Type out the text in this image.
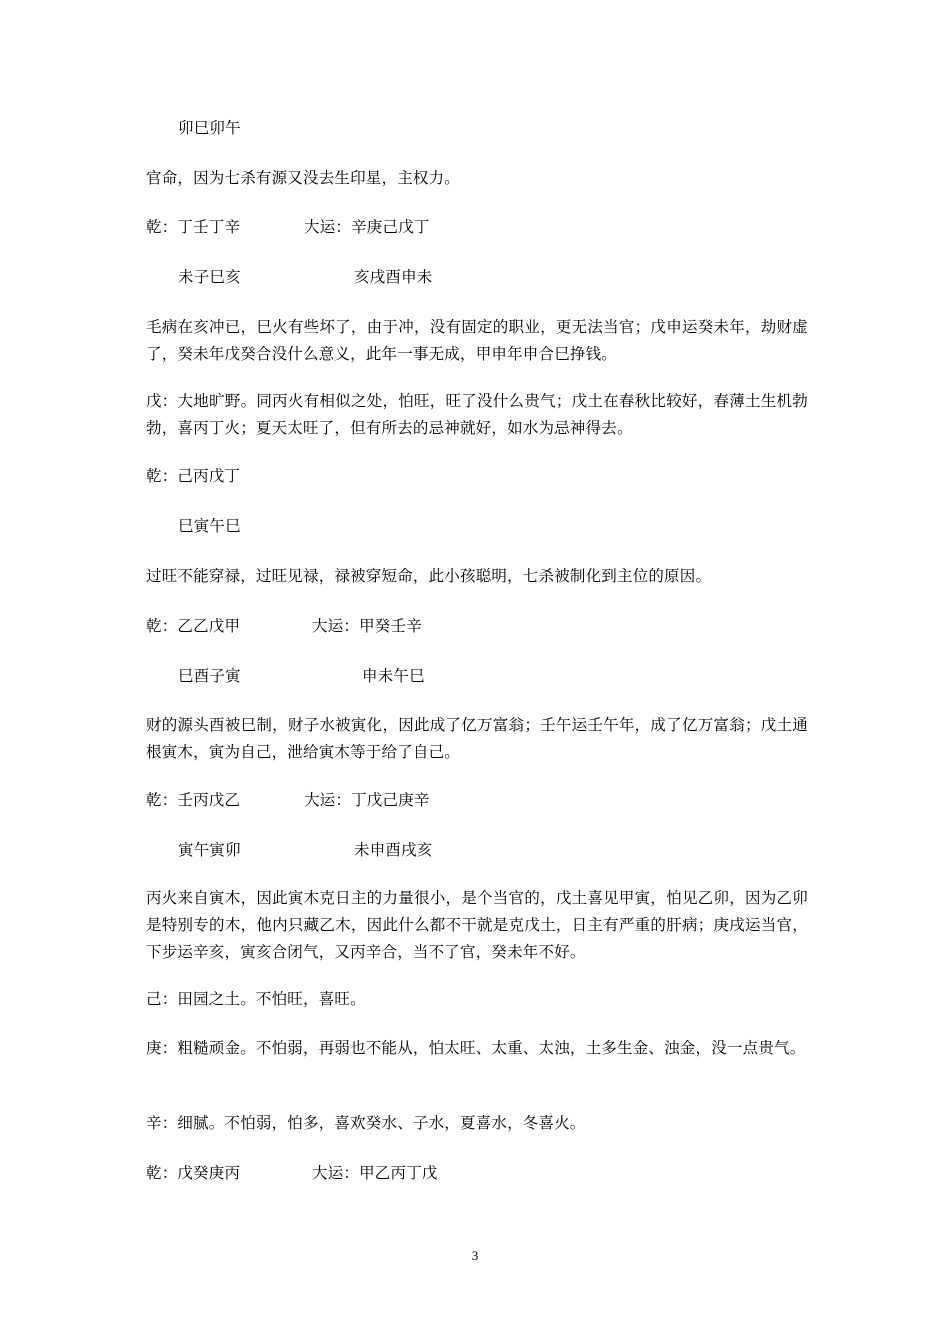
卯巳卯午
官命，因为七杀有源又没去生印星，主权力。
乾：丁壬丁辛	大运：辛庚己戊丁
未子巳亥	亥戌酉申未
毛病在亥冲已，巳火有些坏了，由于冲，没有固定的职业，更无法当官；戊申运癸未年，劫财虚了，癸未年戊癸合没什么意义，此年一事无成，甲申年申合巳挣钱。
戊：大地旷野。同丙火有相似之处，怕旺，旺了没什么贵气；戊土在春秋比较好，春薄土生机勃勃，喜丙丁火；夏天太旺了，但有所去的忌神就好，如水为忌神得去。
乾：己丙戊丁
巳寅午巳
过旺不能穿禄，过旺见禄，禄被穿短命，此小孩聪明，七杀被制化到主位的原因。
乾：乙乙戊甲	大运：甲癸壬辛
巳酉子寅	申未午巳
财的源头酉被巳制，财子水被寅化，因此成了亿万富翁；壬午运壬午年，成了亿万富翁；戊土通根寅木，寅为自己，泄给寅木等于给了自己。
乾：壬丙戊乙	大运：丁戊己庚辛
寅午寅卯	未申酉戌亥
丙火来自寅木，因此寅木克日主的力量很小，是个当官的，戊土喜见甲寅，怕见乙卯，因为乙卯是特别专的木，他内只藏乙木，因此什么都不干就是克戊土，日主有严重的肝病；庚戌运当官，下步运辛亥，寅亥合闭气，又丙辛合，当不了官，癸未年不好。
己：田园之土。不怕旺，喜旺。
庚：粗糙顽金。不怕弱，再弱也不能从，怕太旺、太重、太浊，土多生金、浊金，没一点贵气。
辛：细腻。不怕弱，怕多，喜欢癸水、子水，夏喜水，冬喜火。
乾：戊癸庚丙	大运：甲乙丙丁戊
3
